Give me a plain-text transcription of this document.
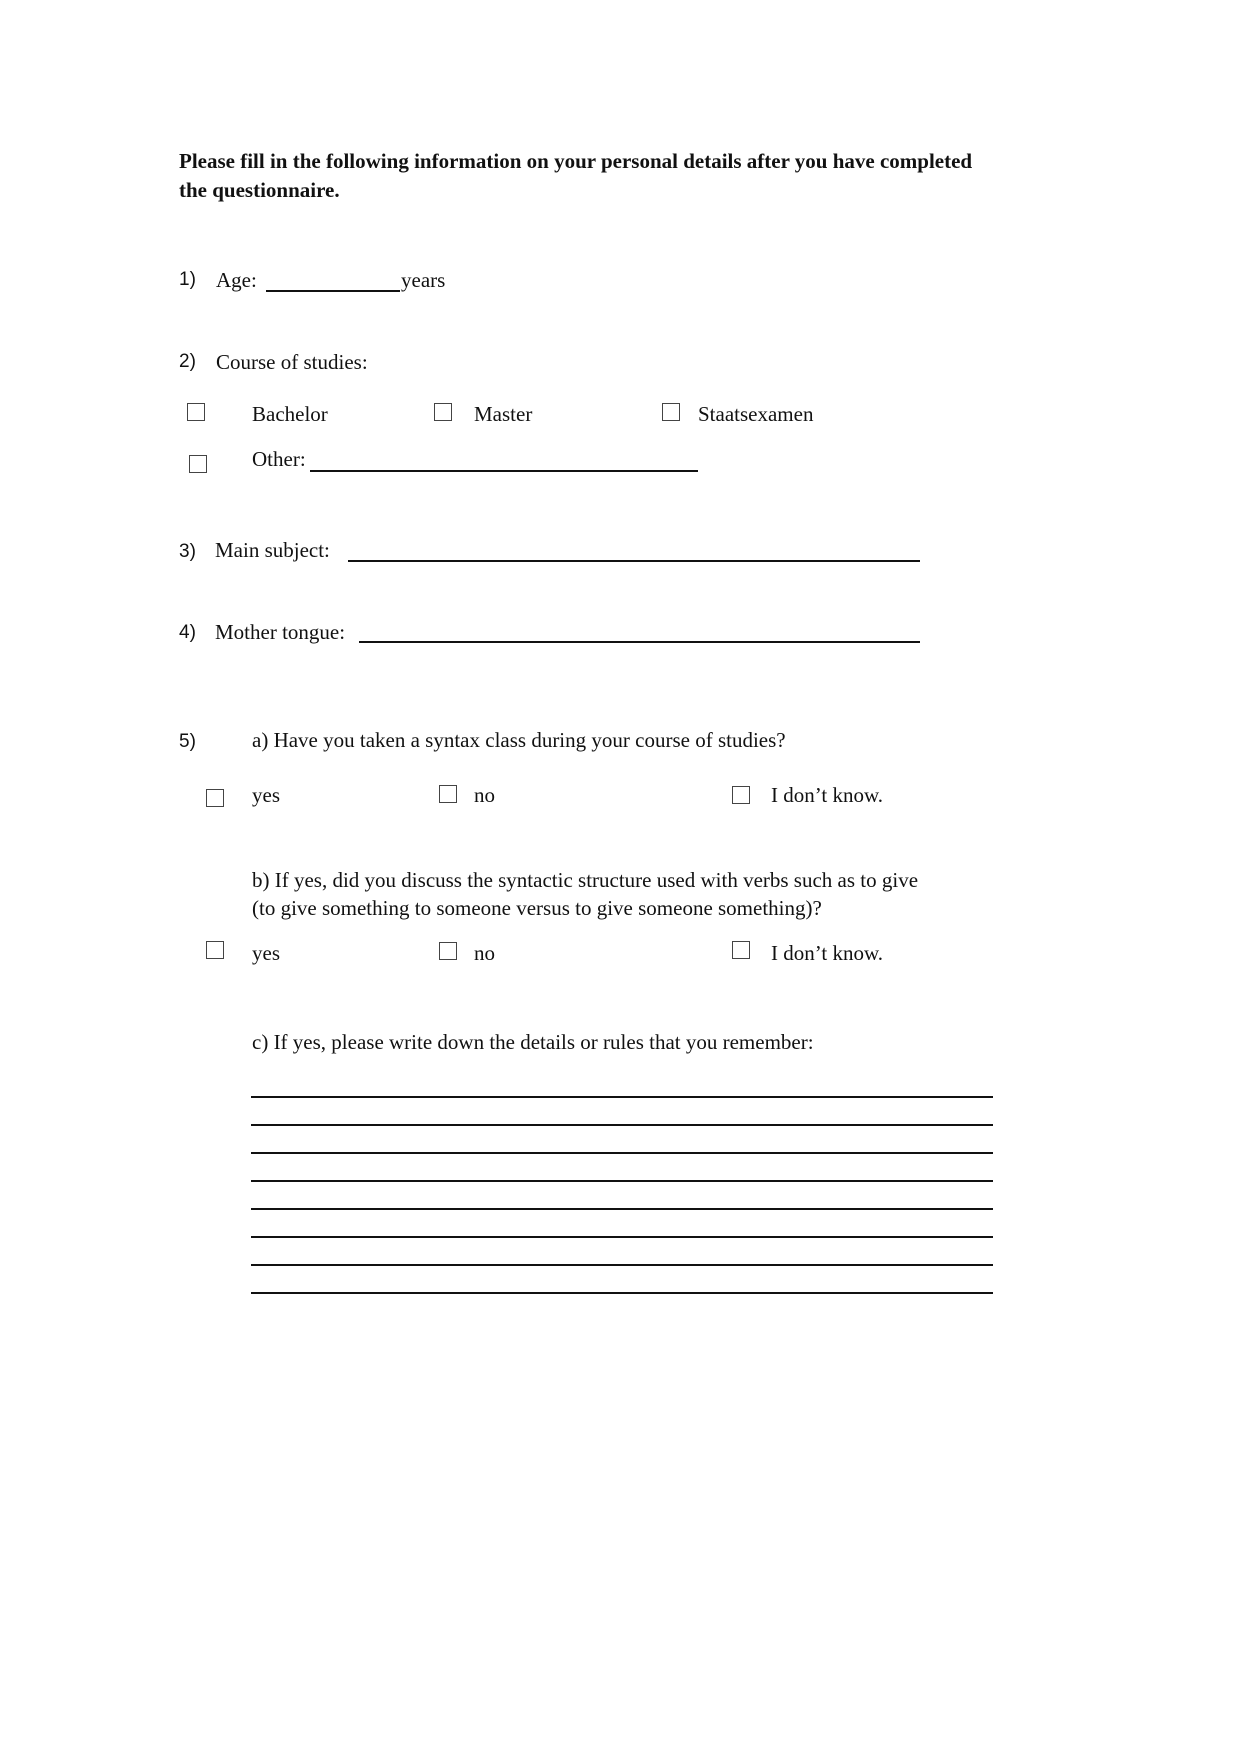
Please fill in the following information on your personal details after you have completed the questionnaire.
1) Age:	years
2) Course of studies:
Bachelor	Master	Staatsexamen
Other:
3) Main subject:
4) Mother tongue:
5)	a) Have you taken a syntax class during your course of studies?
yes	no	I don’t know.
b) If yes, did you discuss the syntactic structure used with verbs such as to give
(to give something to someone versus to give someone something)?
yes	no	I don’t know.
c) If yes, please write down the details or rules that you remember:
